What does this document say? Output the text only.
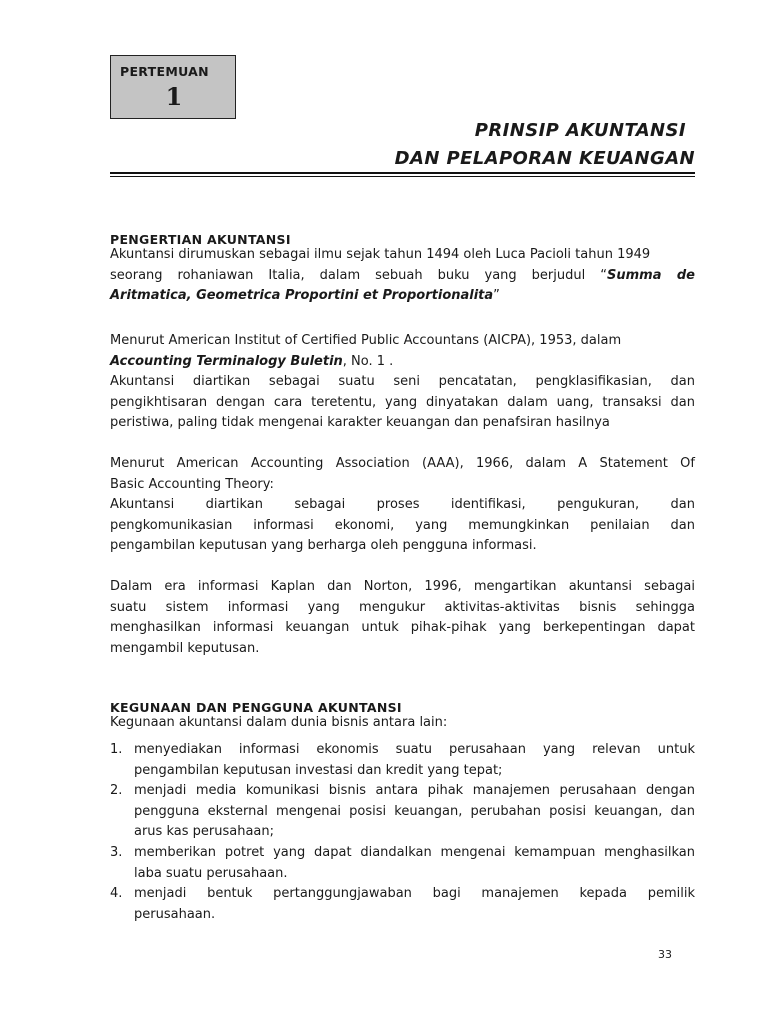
PERTEMUAN
1
PRINSIP AKUNTANSI
DAN PELAPORAN KEUANGAN
PENGERTIAN AKUNTANSI
Akuntansi dirumuskan sebagai ilmu sejak tahun 1494 oleh Luca Pacioli tahun 1949
seorang rohaniawan Italia, dalam sebuah buku yang berjudul “Summa de
Aritmatica, Geometrica Proportini et Proportionalita”
Menurut American Institut of Certified Public Accountans (AICPA), 1953, dalam
Accounting Terminalogy Buletin, No. 1 .
Akuntansi diartikan sebagai suatu seni pencatatan, pengklasifikasian, dan
pengikhtisaran dengan cara teretentu, yang dinyatakan dalam uang, transaksi dan
peristiwa, paling tidak mengenai karakter keuangan dan penafsiran hasilnya
Menurut American Accounting Association (AAA), 1966, dalam A Statement Of
Basic Accounting Theory:
Akuntansi diartikan sebagai proses identifikasi, pengukuran, dan
pengkomunikasian informasi ekonomi, yang memungkinkan penilaian dan
pengambilan keputusan yang berharga oleh pengguna informasi.
Dalam era informasi Kaplan dan Norton, 1996, mengartikan akuntansi sebagai
suatu sistem informasi yang mengukur aktivitas-aktivitas bisnis sehingga
menghasilkan informasi keuangan untuk pihak-pihak yang berkepentingan dapat
mengambil keputusan.
KEGUNAAN DAN PENGGUNA AKUNTANSI
Kegunaan akuntansi dalam dunia bisnis antara lain:
1. menyediakan informasi ekonomis suatu perusahaan yang relevan untuk
pengambilan keputusan investasi dan kredit yang tepat;
2. menjadi media komunikasi bisnis antara pihak manajemen perusahaan dengan
pengguna eksternal mengenai posisi keuangan, perubahan posisi keuangan, dan
arus kas perusahaan;
3. memberikan potret yang dapat diandalkan mengenai kemampuan menghasilkan
laba suatu perusahaan.
4. menjadi bentuk pertanggungjawaban bagi manajemen kepada pemilik
perusahaan.
33
